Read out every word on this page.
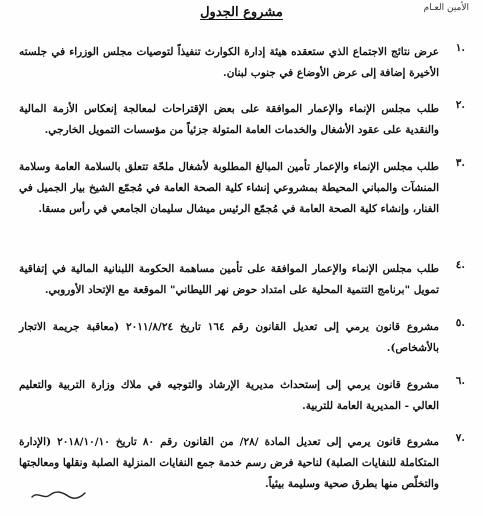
الأمين العـام
مشروع الجدول
.١
عرض نتائج الاجتماع الذي ستعقده هيئة إدارة الكوارث تنفيذاً لتوصيات مجلس الوزراء في جلسته الأخيرة إضافة إلى عرض الأوضاع في جنوب لبنان.
.٢
طلب مجلس الإنماء والإعمار الموافقة على بعض الإقتراحات لمعالجة إنعكاس الأزمة المالية والنقدية على عقود الأشغال والخدمات العامة المتولة جزئياً من مؤسسات التمويل الخارجي.
.٣
طلب مجلس الإنماء والإعمار تأمين المبالغ المطلوبة لأشغال ملحّة تتعلق بالسلامة العامة وسلامة المنشآت والمباني المحيطة بمشروعي إنشاء كلية الصحة العامة في مُجمّع الشيخ بيار الجميل في الفنار، وإنشاء كلية الصحة العامة في مُجمّع الرئيس ميشال سليمان الجامعي في رأس مسقا.
.٤
طلب مجلس الإنماء والإعمار الموافقة على تأمين مساهمة الحكومة اللبنانية المالية في إتفاقية تمويل "برنامج التنمية المحلية على امتداد حوض نهر الليطاني" الموقعة مع الإتحاد الأوروبي.
.٥
مشروع قانون يرمي إلى تعديل القانون رقم ١٦٤ تاريخ ٢٠١١/٨/٢٤ (معاقبة جريمة الاتجار بالأشخاص).
.٦
مشروع قانون يرمي إلى إستحداث مديرية الإرشاد والتوجيه في ملاك وزارة التربية والتعليم العالي - المديرية العامة للتربية.
.٧
مشروع قانون يرمي إلى تعديل المادة /٢٨/ من القانون رقم ٨٠ تاريخ ٢٠١٨/١٠/١٠ (الإدارة المتكاملة للنفايات الصلبة) لناحية فرض رسم خدمة جمع النفايات المنزلية الصلبة ونقلها ومعالجتها والتخلّص منها بطرق صحية وسليمة بيئياً.
